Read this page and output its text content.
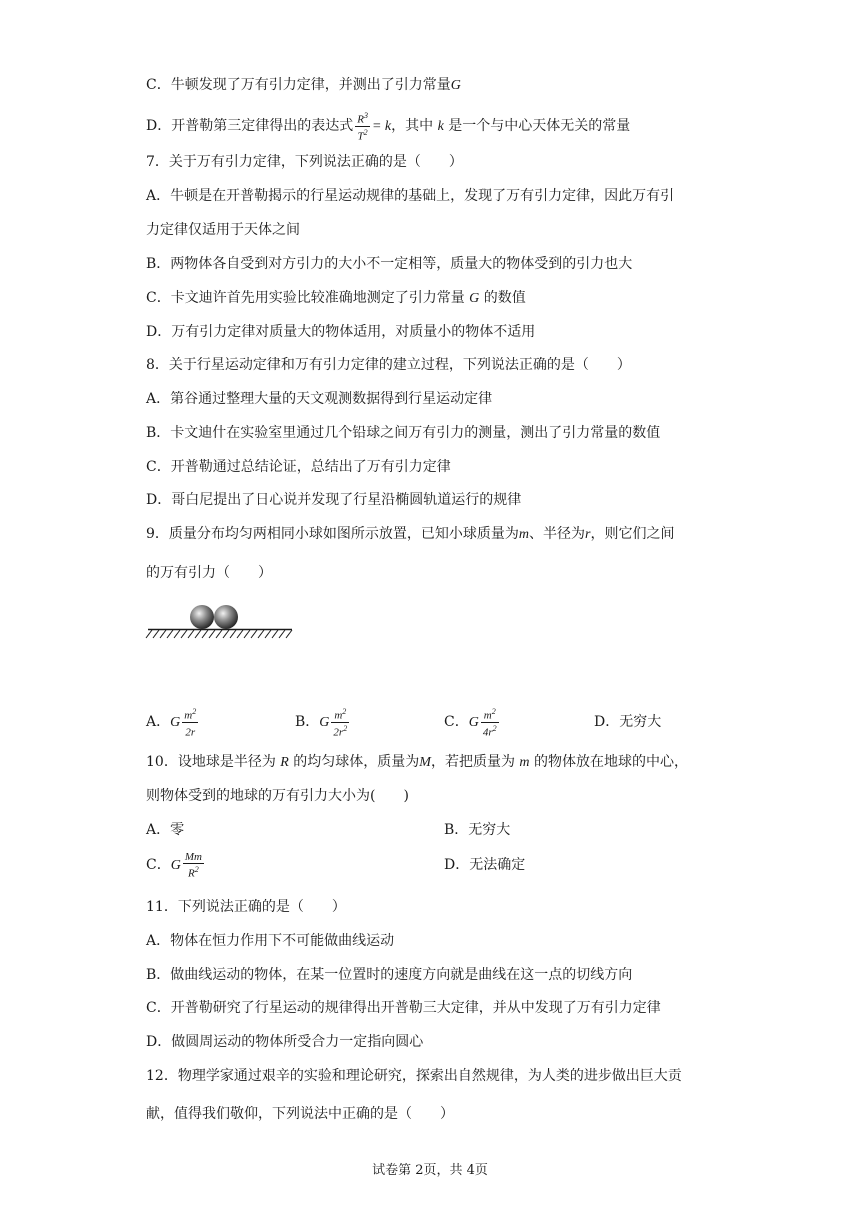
C．牛顿发现了万有引力定律，并测出了引力常量G
D．开普勒第三定律得出的表达式 $\frac{R^3}{T^2} = k$，其中 k 是一个与中心天体无关的常量
7．关于万有引力定律，下列说法正确的是（　　）
A．牛顿是在开普勒揭示的行星运动规律的基础上，发现了万有引力定律，因此万有引
力定律仅适用于天体之间
B．两物体各自受到对方引力的大小不一定相等，质量大的物体受到的引力也大
C．卡文迪许首先用实验比较准确地测定了引力常量 G 的数值
D．万有引力定律对质量大的物体适用，对质量小的物体不适用
8．关于行星运动定律和万有引力定律的建立过程，下列说法正确的是（　　）
A．第谷通过整理大量的天文观测数据得到行星运动定律
B．卡文迪什在实验室里通过几个铅球之间万有引力的测量，测出了引力常量的数值
C．开普勒通过总结论证，总结出了万有引力定律
D．哥白尼提出了日心说并发现了行星沿椭圆轨道运行的规律
9．质量分布均匀两相同小球如图所示放置，已知小球质量为m、半径为r，则它们之间
的万有引力（　　）
A．G $\frac{m^2}{2r}$	B．G $\frac{m^2}{2r^2}$	C．G $\frac{m^2}{4r^2}$	D．无穷大
10．设地球是半径为 R 的均匀球体，质量为M，若把质量为 m 的物体放在地球的中心，
则物体受到的地球的万有引力大小为(　　)
A．零	B．无穷大
C．G $\frac{Mm}{R^2}$	D．无法确定
11．下列说法正确的是（　　）
A．物体在恒力作用下不可能做曲线运动
B．做曲线运动的物体，在某一位置时的速度方向就是曲线在这一点的切线方向
C．开普勒研究了行星运动的规律得出开普勒三大定律，并从中发现了万有引力定律
D．做圆周运动的物体所受合力一定指向圆心
12．物理学家通过艰辛的实验和理论研究，探索出自然规律，为人类的进步做出巨大贡
献，值得我们敬仰，下列说法中正确的是（　　）
试卷第 2页，共 4页
